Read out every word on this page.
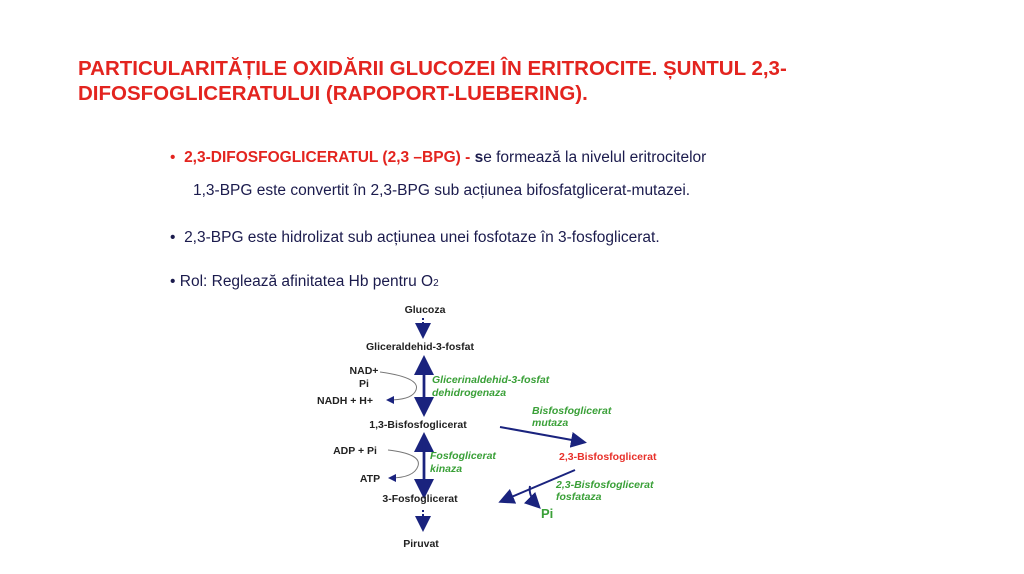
PARTICULARITĂȚILE OXIDĂRII GLUCOZEI ÎN ERITROCITE. ȘUNTUL 2,3-DIFOSFOGLICERATULUI (RAPOPORT-LUEBERING).
• 2,3-DIFOSFOGLICERATUL (2,3 –BPG) - se formează la nivelul eritrocitelor
1,3-BPG este convertit în 2,3-BPG sub acțiunea bifosfatglicerat-mutazei.
• 2,3-BPG este hidrolizat sub acțiunea unei fosfotaze în 3-fosfoglicerat.
• Rol: Reglează afinitatea Hb pentru O2
Glucoza
Gliceraldehid-3-fosfat
NAD+
Pi
NADH + H+
Glicerinaldehid-3-fosfat
dehidrogenaza
1,3-Bisfosfoglicerat
Bisfosfoglicerat
mutaza
2,3-Bisfosfoglicerat
ADP + Pi	Fosfoglicerat
kinaza
ATP
3-Fosfoglicerat
2,3-Bisfosfoglicerat
fosfataza
Pi
Piruvat
